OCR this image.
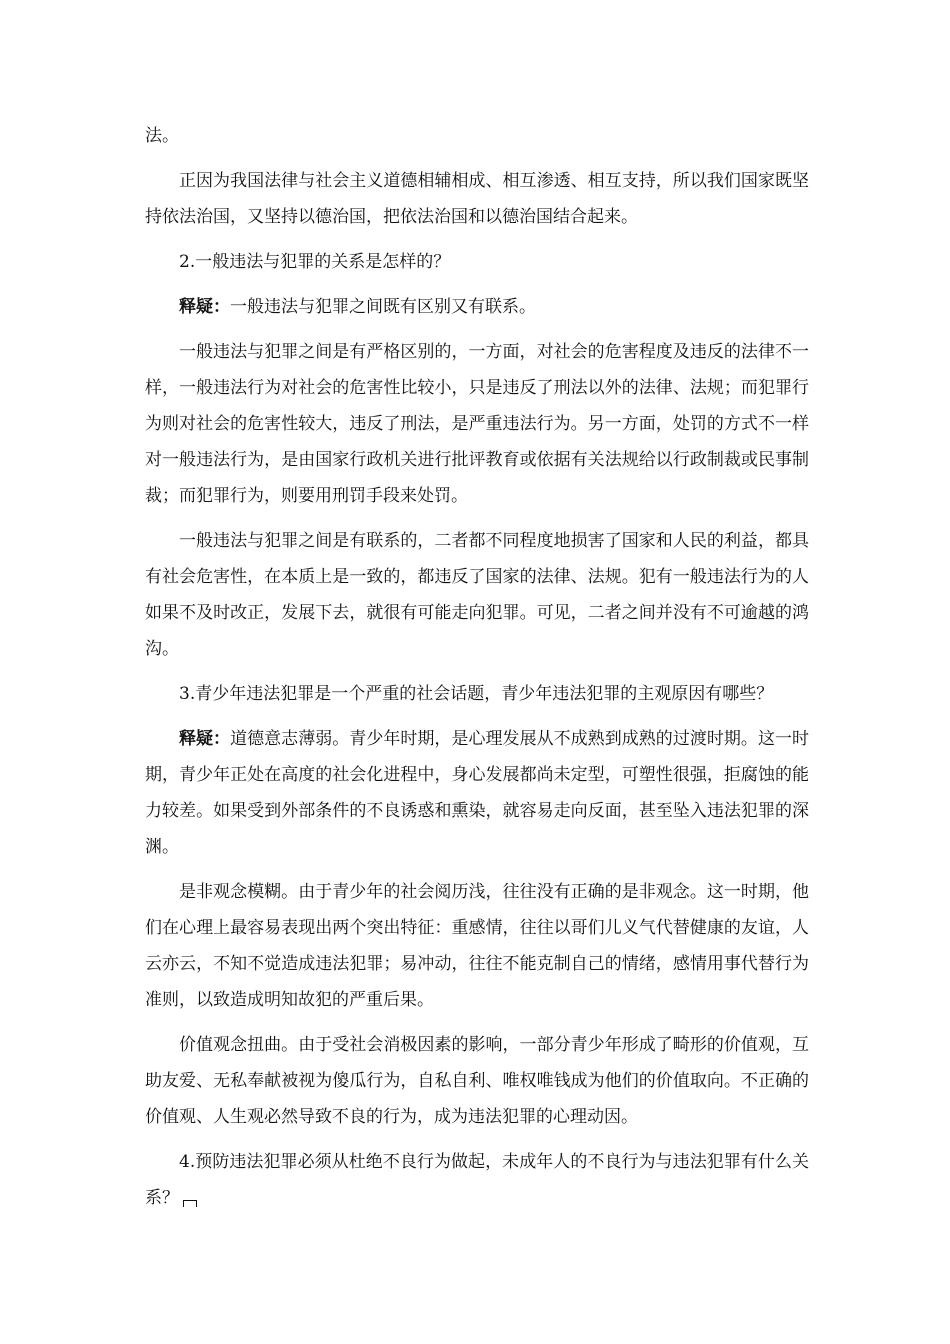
法。

正因为我国法律与社会主义道德相辅相成、相互渗透、相互支持，所以我们国家既坚持依法治国，又坚持以德治国，把依法治国和以德治国结合起来。

2.一般违法与犯罪的关系是怎样的？

释疑：一般违法与犯罪之间既有区别又有联系。

一般违法与犯罪之间是有严格区别的，一方面，对社会的危害程度及违反的法律不一样，一般违法行为对社会的危害性比较小，只是违反了刑法以外的法律、法规；而犯罪行为则对社会的危害性较大，违反了刑法，是严重违法行为。另一方面，处罚的方式不一样对一般违法行为，是由国家行政机关进行批评教育或依据有关法规给以行政制裁或民事制裁；而犯罪行为，则要用刑罚手段来处罚。

一般违法与犯罪之间是有联系的，二者都不同程度地损害了国家和人民的利益，都具有社会危害性，在本质上是一致的，都违反了国家的法律、法规。犯有一般违法行为的人如果不及时改正，发展下去，就很有可能走向犯罪。可见，二者之间并没有不可逾越的鸿沟。

3.青少年违法犯罪是一个严重的社会话题，青少年违法犯罪的主观原因有哪些？

释疑：道德意志薄弱。青少年时期，是心理发展从不成熟到成熟的过渡时期。这一时期，青少年正处在高度的社会化进程中，身心发展都尚未定型，可塑性很强，拒腐蚀的能力较差。如果受到外部条件的不良诱惑和熏染，就容易走向反面，甚至坠入违法犯罪的深渊。

是非观念模糊。由于青少年的社会阅历浅，往往没有正确的是非观念。这一时期，他们在心理上最容易表现出两个突出特征：重感情，往往以哥们儿义气代替健康的友谊，人云亦云，不知不觉造成违法犯罪；易冲动，往往不能克制自己的情绪，感情用事代替行为准则，以致造成明知故犯的严重后果。

价值观念扭曲。由于受社会消极因素的影响，一部分青少年形成了畸形的价值观，互助友爱、无私奉献被视为傻瓜行为，自私自利、唯权唯钱成为他们的价值取向。不正确的价值观、人生观必然导致不良的行为，成为违法犯罪的心理动因。

4.预防违法犯罪必须从杜绝不良行为做起，未成年人的不良行为与违法犯罪有什么关系？
